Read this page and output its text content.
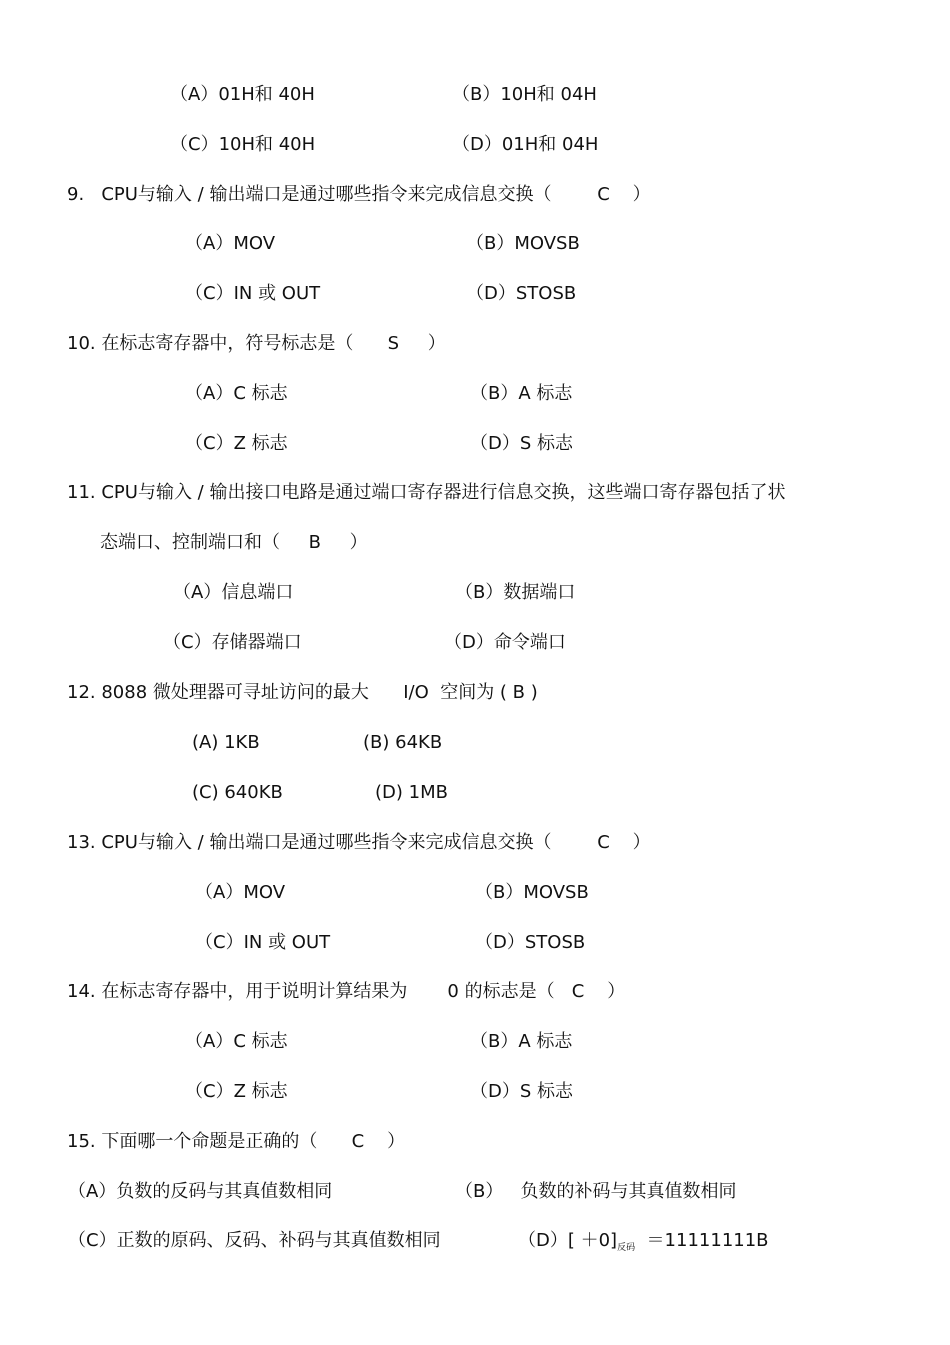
（A）01H和 40H	（B）10H和 04H
（C）10H和 40H	（D）01H和 04H
9.   CPU与输入 / 输出端口是通过哪些指令来完成信息交换（        C    ）
（A）MOV	（B）MOVSB
（C）IN 或 OUT	（D）STOSB
10. 在标志寄存器中，符号标志是（      S     ）
（A）C 标志	（B）A 标志
（C）Z 标志	（D）S 标志
11. CPU与输入 / 输出接口电路是通过端口寄存器进行信息交换，这些端口寄存器包括了状
态端口、控制端口和（     B     ）
（A）信息端口	（B）数据端口
（C）存储器端口	（D）命令端口
12. 8088 微处理器可寻址访问的最大      I/O  空间为 ( B )
(A) 1KB	(B) 64KB
(C) 640KB	(D) 1MB
13. CPU与输入 / 输出端口是通过哪些指令来完成信息交换（        C    ）
（A）MOV	（B）MOVSB
（C）IN 或 OUT	（D）STOSB
14. 在标志寄存器中，用于说明计算结果为       0 的标志是（   C    ）
（A）C 标志	（B）A 标志
（C）Z 标志	（D）S 标志
15. 下面哪一个命题是正确的（      C    ）
（A）负数的反码与其真值数相同	（B）   负数的补码与其真值数相同
（C）正数的原码、反码、补码与其真值数相同	$(D)[ +0]_{反码} =11111111B$
